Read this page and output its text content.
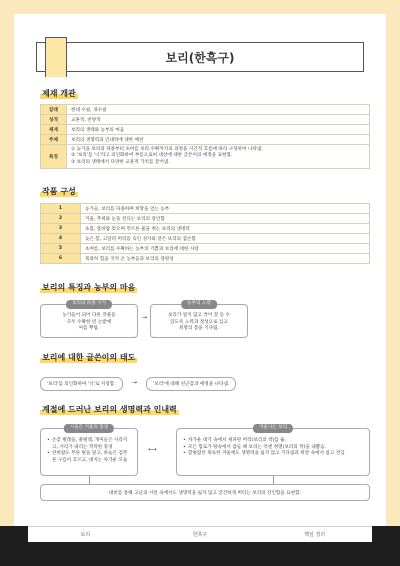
보리(한흑구)
제재 개관
갈래	현대 수필, 경수필
성격	교훈적, 찬양적
제재	보리의 생태와 농부의 마음
주제	보리의 생명력과 인내력에 대한 예찬
특징	① 늦가을 보리의 파종부터 초여름 보리 수확까지의 과정을 시간적 흐름에 따라 구성하여 나타냄.
② '보리'를 '너'라고 의인화하여 부름으로써 대상에 대한 글쓴이의 애정을 표현함.
③ 보리의 생태에서 다양한 교훈적 가치를 끌어냄.
작품 구성
1	농가들, 보리를 파종하며 희망을 얻는 농부
2	겨울, 추위와 눈을 견디는 보리의 강인함
3	초봄, 봄바람 맞으며 푸르른 물을 쥐는 보리의 생명력
4	늦은 봄, 고달퍼 머리를 숙인 성자와 같은 보리의 겸손함
5	초여름, 보리를 수확하는 농부의 기쁨과 보리에 대한 사랑
6	묵묵히 힘을 지켜 온 농부들과 보리의 영원성
보리의 특징과 농부의 마음
보리의 파종 시기
농가들이 되어 다른 작물을
모두 수확한 빈 논밭에
씨를 뿌림.
→
농부의 노력
보리가 얼지 않고 싹이 잘 돋 수
있도록 노력과 정성으로 심고
희망의 봄을 기다림.
보리에 대한 글쓴이의 태도
'보리'를 의인화하여 '너'로 지칭함.	→	'보리'에 대해 친근감과 애정을 나타냄.
계절에 드러난 보리의 생명력과 인내력
시들은 겨울의 풍경
• 온갖 벌레들, 풀벌레, 개미들은 사라지고, 서리가 내리는 적막한 풍경
• 찬바람도 무른 벌을 덮고, 하늘은 검푸른 구름이 흐르고, 대지는 차가운 모습
⟷
겨울나는 보리
• 차가운 대기 속에서 새파란 머리(보리의 싹)를 듦.
• 모든 힘로가 땅속에서 잠들 때 보리는 억센 정열(보리의 싹)을 내뿜음.
• 할벌잡던 혹독한 겨울에도 생명력을 잃지 않고 기다림과 희망 속에서 참고 견딤.
대비를 통해 고난과 시련 속에서도 생명력을 잃지 않고 굳건하게 버티는 보리의 강인함을 표현함.
보리	한흑구	핵심 정리
